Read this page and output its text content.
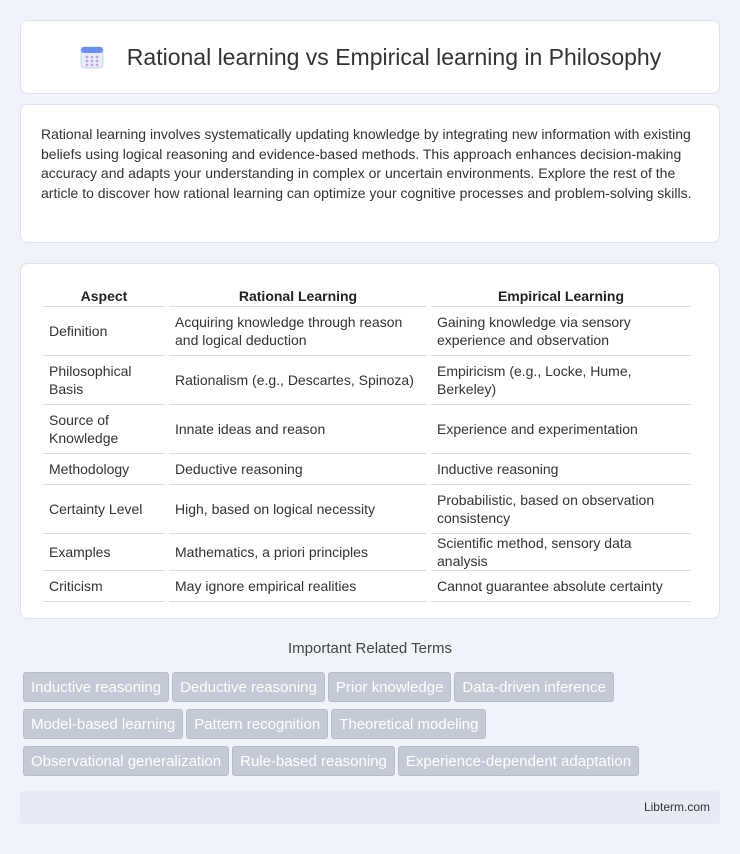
Rational learning vs Empirical learning in Philosophy

Rational learning involves systematically updating knowledge by integrating new information with existing beliefs using logical reasoning and evidence-based methods. This approach enhances decision-making accuracy and adapts your understanding in complex or uncertain environments. Explore the rest of the article to discover how rational learning can optimize your cognitive processes and problem-solving skills.

Aspect	Rational Learning	Empirical Learning
Definition	Acquiring knowledge through reason and logical deduction	Gaining knowledge via sensory experience and observation
Philosophical Basis	Rationalism (e.g., Descartes, Spinoza)	Empiricism (e.g., Locke, Hume, Berkeley)
Source of Knowledge	Innate ideas and reason	Experience and experimentation
Methodology	Deductive reasoning	Inductive reasoning
Certainty Level	High, based on logical necessity	Probabilistic, based on observation consistency
Examples	Mathematics, a priori principles	Scientific method, sensory data analysis
Criticism	May ignore empirical realities	Cannot guarantee absolute certainty
Important Related Terms
Inductive reasoning Deductive reasoning Prior knowledge Data-driven inference
Model-based learning Pattern recognition Theoretical modeling
Observational generalization Rule-based reasoning Experience-dependent adaptation
Libterm.com
